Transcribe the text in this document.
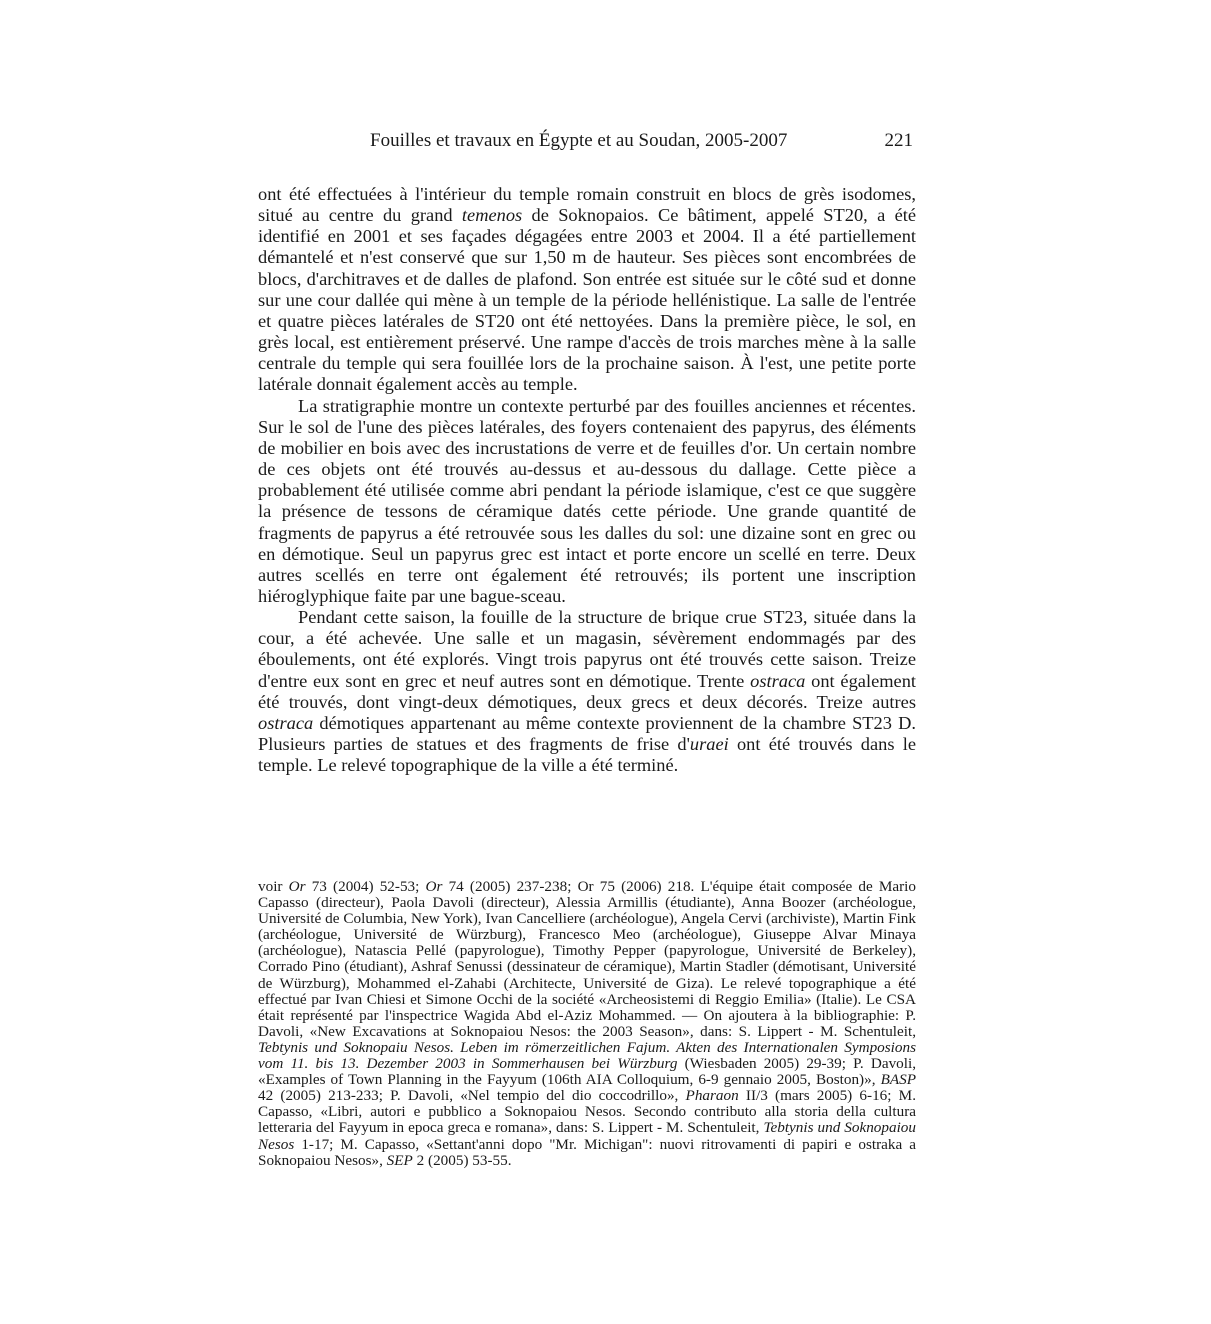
Fouilles et travaux en Égypte et au Soudan, 2005-2007	221

ont été effectuées à l'intérieur du temple romain construit en blocs de grès isodomes, situé au centre du grand temenos de Soknopaios. Ce bâtiment, appelé ST20, a été identifié en 2001 et ses façades dégagées entre 2003 et 2004. Il a été partiellement démantelé et n'est conservé que sur 1,50 m de hauteur. Ses pièces sont encombrées de blocs, d'architraves et de dalles de plafond. Son entrée est située sur le côté sud et donne sur une cour dallée qui mène à un temple de la période hellénistique. La salle de l'entrée et quatre pièces latérales de ST20 ont été nettoyées. Dans la première pièce, le sol, en grès local, est entièrement préservé. Une rampe d'accès de trois marches mène à la salle centrale du temple qui sera fouillée lors de la prochaine saison. À l'est, une petite porte latérale donnait également accès au temple.

La stratigraphie montre un contexte perturbé par des fouilles anciennes et récentes. Sur le sol de l'une des pièces latérales, des foyers contenaient des papyrus, des éléments de mobilier en bois avec des incrustations de verre et de feuilles d'or. Un certain nombre de ces objets ont été trouvés au-dessus et au-dessous du dallage. Cette pièce a probablement été utilisée comme abri pendant la période islamique, c'est ce que suggère la présence de tessons de céramique datés cette période. Une grande quantité de fragments de papyrus a été retrouvée sous les dalles du sol: une dizaine sont en grec ou en démotique. Seul un papyrus grec est intact et porte encore un scellé en terre. Deux autres scellés en terre ont également été retrouvés; ils portent une inscription hiéroglyphique faite par une bague-sceau.

Pendant cette saison, la fouille de la structure de brique crue ST23, située dans la cour, a été achevée. Une salle et un magasin, sévèrement endommagés par des éboulements, ont été explorés. Vingt trois papyrus ont été trouvés cette saison. Treize d'entre eux sont en grec et neuf autres sont en démotique. Trente ostraca ont également été trouvés, dont vingt-deux démotiques, deux grecs et deux décorés. Treize autres ostraca démotiques appartenant au même contexte proviennent de la chambre ST23 D. Plusieurs parties de statues et des fragments de frise d'uraei ont été trouvés dans le temple. Le relevé topographique de la ville a été terminé.

voir Or 73 (2004) 52-53; Or 74 (2005) 237-238; Or 75 (2006) 218. L'équipe était composée de Mario Capasso (directeur), Paola Davoli (directeur), Alessia Armillis (étudiante), Anna Boozer (archéologue, Université de Columbia, New York), Ivan Cancelliere (archéologue), Angela Cervi (archiviste), Martin Fink (archéologue, Université de Würzburg), Francesco Meo (archéologue), Giuseppe Alvar Minaya (archéologue), Natascia Pellé (papyrologue), Timothy Pepper (papyrologue, Université de Berkeley), Corrado Pino (étudiant), Ashraf Senussi (dessinateur de céramique), Martin Stadler (démotisant, Université de Würzburg), Mohammed el-Zahabi (Architecte, Université de Giza). Le relevé topographique a été effectué par Ivan Chiesi et Simone Occhi de la société «Archeosistemi di Reggio Emilia» (Italie). Le CSA était représenté par l'inspectrice Wagida Abd el-Aziz Mohammed. — On ajoutera à la bibliographie: P. Davoli, «New Excavations at Soknopaiou Nesos: the 2003 Season», dans: S. Lippert - M. Schentuleit, Tebtynis und Soknopaiu Nesos. Leben im römerzeitlichen Fajum. Akten des Internationalen Symposions vom 11. bis 13. Dezember 2003 in Sommerhausen bei Würzburg (Wiesbaden 2005) 29-39; P. Davoli, «Examples of Town Planning in the Fayyum (106th AIA Colloquium, 6-9 gennaio 2005, Boston)», BASP 42 (2005) 213-233; P. Davoli, «Nel tempio del dio coccodrillo», Pharaon II/3 (mars 2005) 6-16; M. Capasso, «Libri, autori e pubblico a Soknopaiou Nesos. Secondo contributo alla storia della cultura letteraria del Fayyum in epoca greca e romana», dans: S. Lippert - M. Schentuleit, Tebtynis und Soknopaiou Nesos 1-17; M. Capasso, «Settant'anni dopo "Mr. Michigan": nuovi ritrovamenti di papiri e ostraka a Soknopaiou Nesos», SEP 2 (2005) 53-55.
